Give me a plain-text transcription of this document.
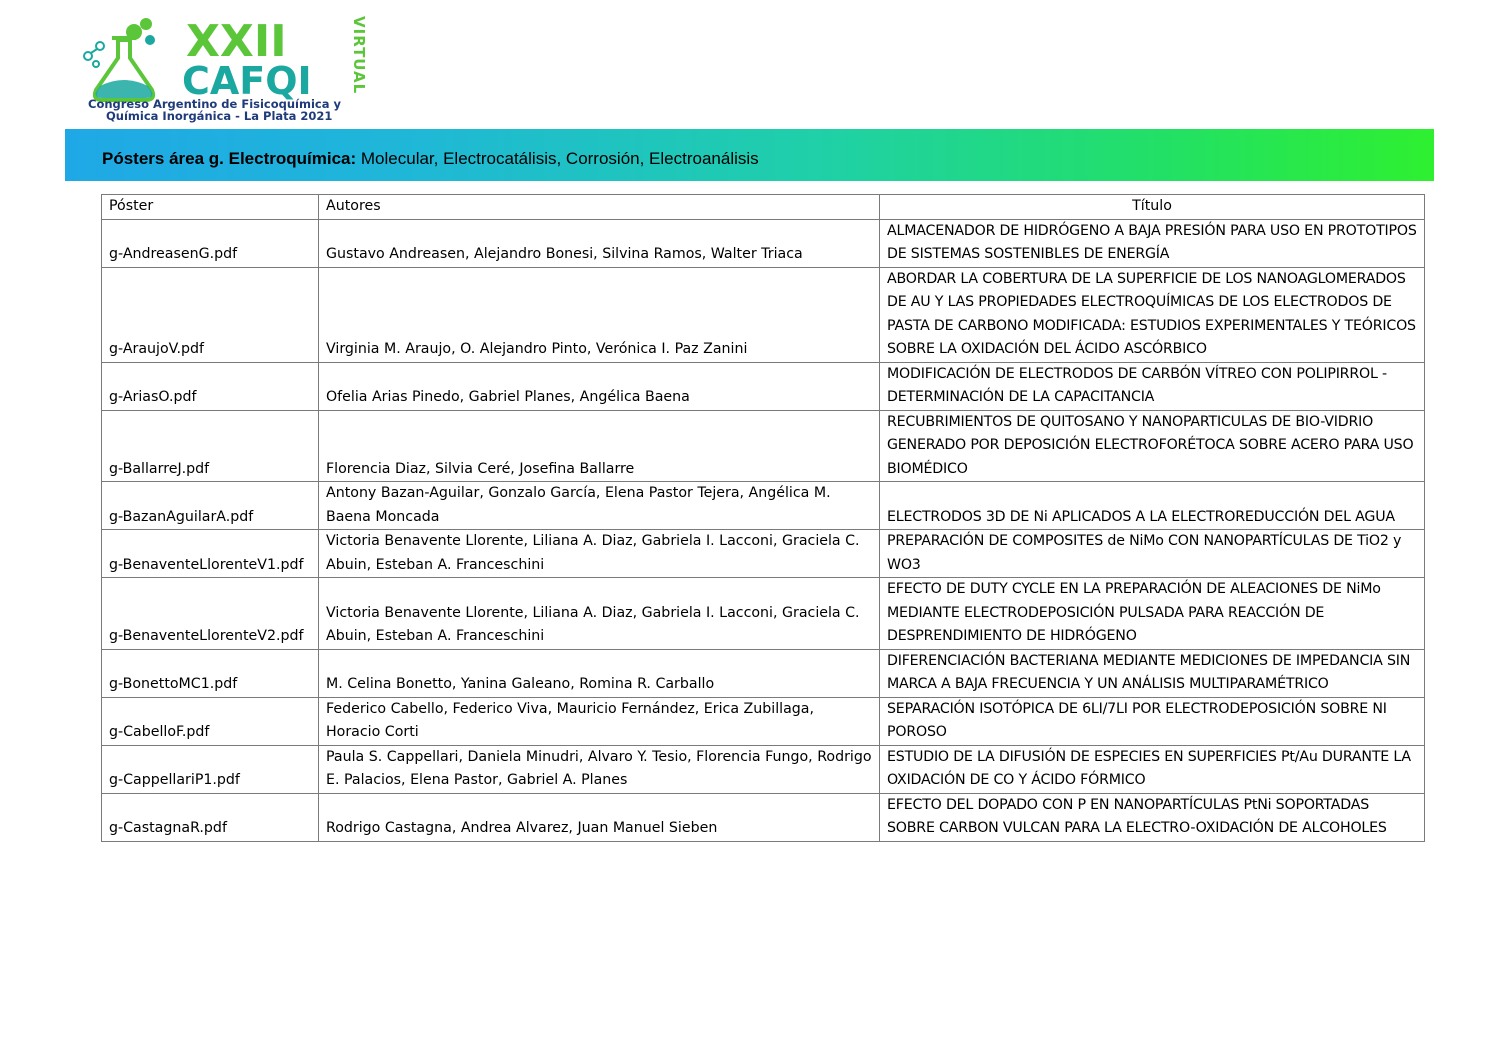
XXII
CAFQI	VIRTUAL
Congreso Argentino de Fisicoquímica y
Química Inorgánica - La Plata 2021
Pósters área g. Electroquímica: Molecular, Electrocatálisis, Corrosión, Electroanálisis
Póster	Autores	Título
g-AndreasenG.pdf	Gustavo Andreasen, Alejandro Bonesi, Silvina Ramos, Walter Triaca	ALMACENADOR DE HIDRÓGENO A BAJA PRESIÓN PARA USO EN PROTOTIPOS DE SISTEMAS SOSTENIBLES DE ENERGÍA
g-AraujoV.pdf	Virginia M. Araujo, O. Alejandro Pinto, Verónica I. Paz Zanini	ABORDAR LA COBERTURA DE LA SUPERFICIE DE LOS NANOAGLOMERADOS DE AU Y LAS PROPIEDADES ELECTROQUÍMICAS DE LOS ELECTRODOS DE PASTA DE CARBONO MODIFICADA: ESTUDIOS EXPERIMENTALES Y TEÓRICOS SOBRE LA OXIDACIÓN DEL ÁCIDO ASCÓRBICO
g-AriasO.pdf	Ofelia Arias Pinedo, Gabriel Planes, Angélica Baena	MODIFICACIÓN DE ELECTRODOS DE CARBÓN VÍTREO CON POLIPIRROL - DETERMINACIÓN DE LA CAPACITANCIA
g-BallarreJ.pdf	Florencia Diaz, Silvia Ceré, Josefina Ballarre	RECUBRIMIENTOS DE QUITOSANO Y NANOPARTICULAS DE BIO-VIDRIO GENERADO POR DEPOSICIÓN ELECTROFORÉTOCA SOBRE ACERO PARA USO BIOMÉDICO
g-BazanAguilarA.pdf	Antony Bazan-Aguilar, Gonzalo García, Elena Pastor Tejera, Angélica M. Baena Moncada	ELECTRODOS 3D DE Ni APLICADOS A LA ELECTROREDUCCIÓN DEL AGUA
g-BenaventeLlorenteV1.pdf	Victoria Benavente Llorente, Liliana A. Diaz, Gabriela I. Lacconi, Graciela C. Abuin, Esteban A. Franceschini	PREPARACIÓN DE COMPOSITES de NiMo CON NANOPARTÍCULAS DE TiO2 y WO3
g-BenaventeLlorenteV2.pdf	Victoria Benavente Llorente, Liliana A. Diaz, Gabriela I. Lacconi, Graciela C. Abuin, Esteban A. Franceschini	EFECTO DE DUTY CYCLE EN LA PREPARACIÓN DE ALEACIONES DE NiMo MEDIANTE ELECTRODEPOSICIÓN PULSADA PARA REACCIÓN DE DESPRENDIMIENTO DE HIDRÓGENO
g-BonettoMC1.pdf	M. Celina Bonetto, Yanina Galeano, Romina R. Carballo	DIFERENCIACIÓN BACTERIANA MEDIANTE MEDICIONES DE IMPEDANCIA SIN MARCA A BAJA FRECUENCIA Y UN ANÁLISIS MULTIPARAMÉTRICO
g-CabelloF.pdf	Federico Cabello, Federico Viva, Mauricio Fernández, Erica Zubillaga, Horacio Corti	SEPARACIÓN ISOTÓPICA DE 6LI/7LI POR ELECTRODEPOSICIÓN SOBRE NI POROSO
g-CappellariP1.pdf	Paula S. Cappellari, Daniela Minudri, Alvaro Y. Tesio, Florencia Fungo, Rodrigo E. Palacios, Elena Pastor, Gabriel A. Planes	ESTUDIO DE LA DIFUSIÓN DE ESPECIES EN SUPERFICIES Pt/Au DURANTE LA OXIDACIÓN DE CO Y ÁCIDO FÓRMICO
g-CastagnaR.pdf	Rodrigo Castagna, Andrea Alvarez, Juan Manuel Sieben	EFECTO DEL DOPADO CON P EN NANOPARTÍCULAS PtNi SOPORTADAS SOBRE CARBON VULCAN PARA LA ELECTRO-OXIDACIÓN DE ALCOHOLES
